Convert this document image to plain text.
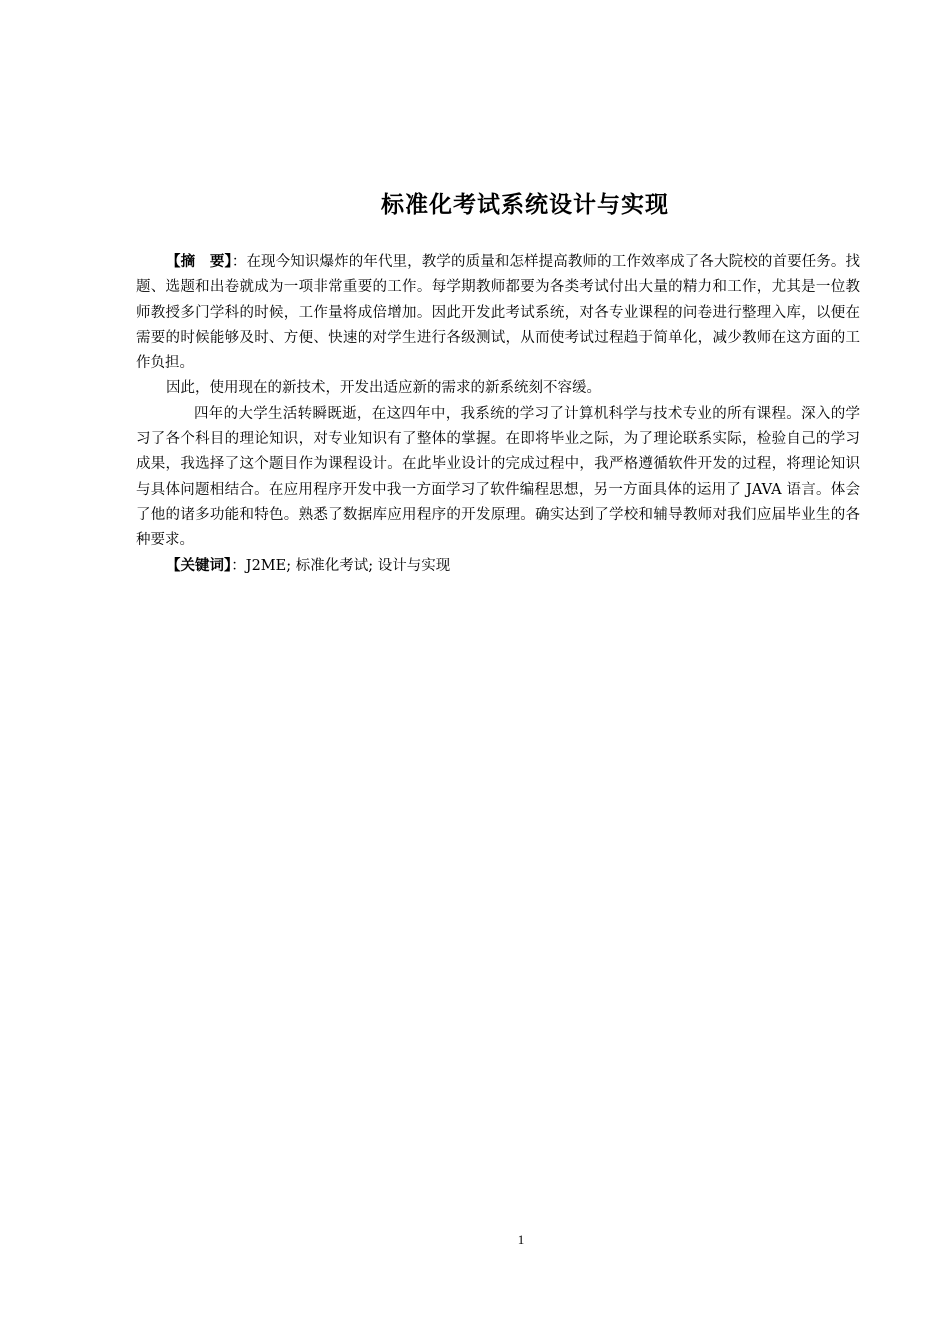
标准化考试系统设计与实现

【摘　要】：在现今知识爆炸的年代里，教学的质量和怎样提高教师的工作效率成了各大院校的首要任务。找题、选题和出卷就成为一项非常重要的工作。每学期教师都要为各类考试付出大量的精力和工作，尤其是一位教师教授多门学科的时候，工作量将成倍增加。因此开发此考试系统，对各专业课程的问卷进行整理入库，以便在需要的时候能够及时、方便、快速的对学生进行各级测试，从而使考试过程趋于简单化，减少教师在这方面的工作负担。

因此，使用现在的新技术，开发出适应新的需求的新系统刻不容缓。

四年的大学生活转瞬既逝，在这四年中，我系统的学习了计算机科学与技术专业的所有课程。深入的学习了各个科目的理论知识，对专业知识有了整体的掌握。在即将毕业之际，为了理论联系实际，检验自己的学习成果，我选择了这个题目作为课程设计。在此毕业设计的完成过程中，我严格遵循软件开发的过程，将理论知识与具体问题相结合。在应用程序开发中我一方面学习了软件编程思想，另一方面具体的运用了 JAVA 语言。体会了他的诸多功能和特色。熟悉了数据库应用程序的开发原理。确实达到了学校和辅导教师对我们应届毕业生的各种要求。

【关键词】：J2ME; 标准化考试; 设计与实现

1
